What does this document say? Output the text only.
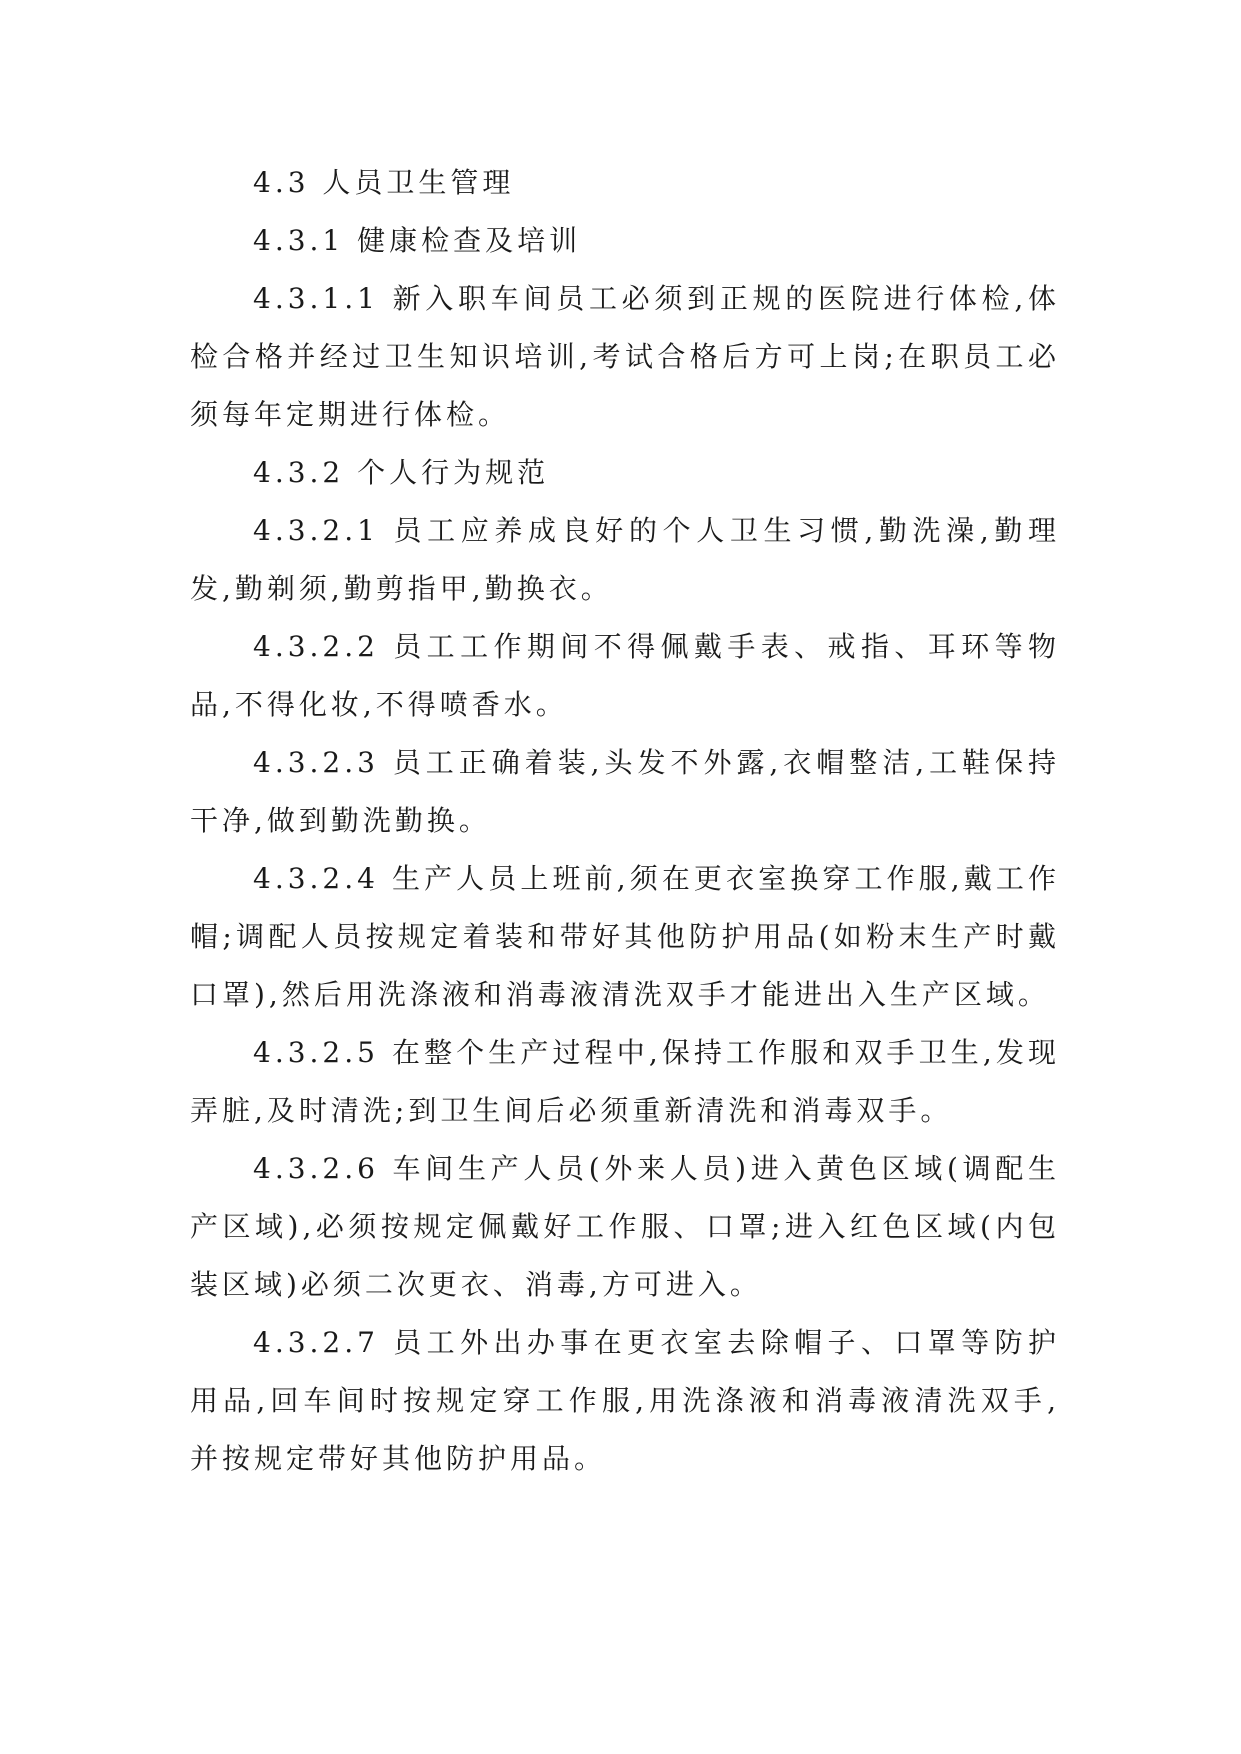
4.3 人员卫生管理

4.3.1 健康检查及培训

4.3.1.1 新入职车间员工必须到正规的医院进行体检,体检合格并经过卫生知识培训,考试合格后方可上岗;在职员工必须每年定期进行体检。

4.3.2 个人行为规范

4.3.2.1 员工应养成良好的个人卫生习惯,勤洗澡,勤理发,勤剃须,勤剪指甲,勤换衣。

4.3.2.2 员工工作期间不得佩戴手表、戒指、耳环等物品,不得化妆,不得喷香水。

4.3.2.3 员工正确着装,头发不外露,衣帽整洁,工鞋保持干净,做到勤洗勤换。

4.3.2.4 生产人员上班前,须在更衣室换穿工作服,戴工作帽;调配人员按规定着装和带好其他防护用品(如粉末生产时戴口罩),然后用洗涤液和消毒液清洗双手才能进出入生产区域。

4.3.2.5 在整个生产过程中,保持工作服和双手卫生,发现弄脏,及时清洗;到卫生间后必须重新清洗和消毒双手。

4.3.2.6 车间生产人员(外来人员)进入黄色区域(调配生产区域),必须按规定佩戴好工作服、口罩;进入红色区域(内包装区域)必须二次更衣、消毒,方可进入。

4.3.2.7 员工外出办事在更衣室去除帽子、口罩等防护用品,回车间时按规定穿工作服,用洗涤液和消毒液清洗双手,并按规定带好其他防护用品。
